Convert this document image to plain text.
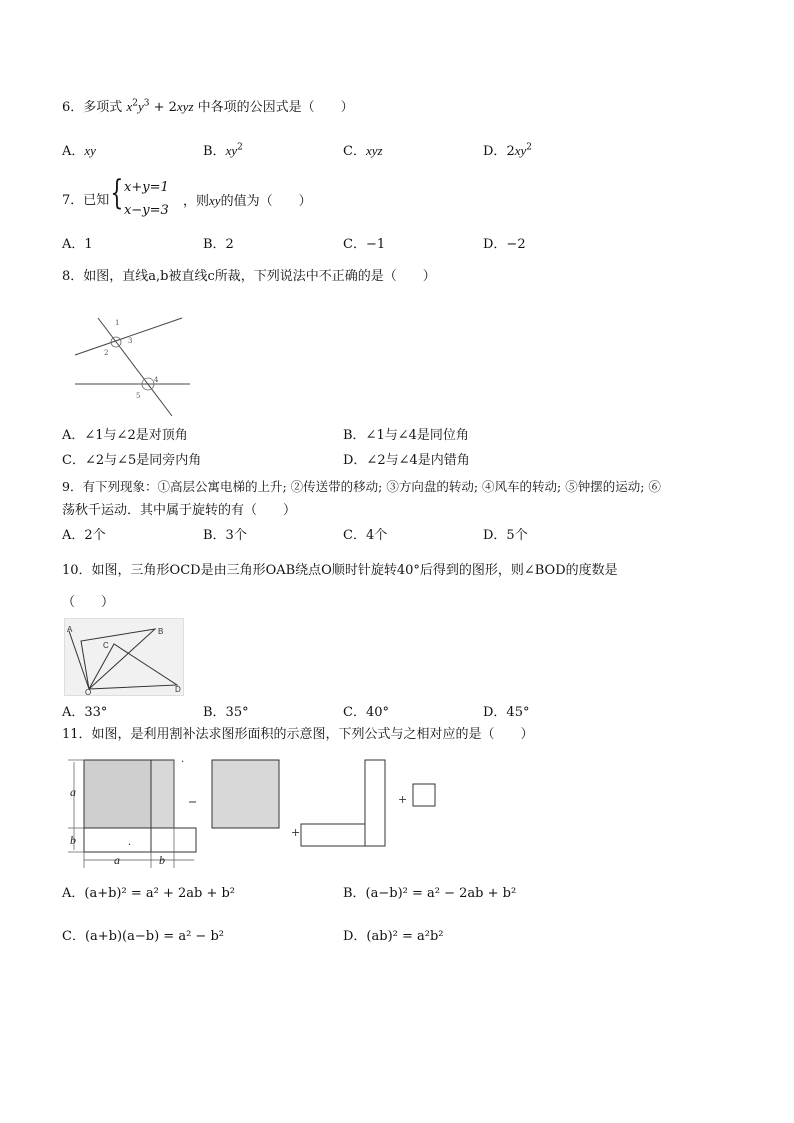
6．多项式 $x^2y^3 + 2xyz$ 中各项的公因式是（　　）
A．xy	B．$xy^2$	C．xyz	D．$2xy^2$
7．已知 { x+y=1
x−y=3
，则xy的值为（　　）
A．1	B．2	C．−1	D．−2
8．如图，直线a,b被直线c所裁，下列说法中不正确的是（　　）
1
2
3
4
5
A．∠1与∠2是对顶角	B．∠1与∠4是同位角
C．∠2与∠5是同旁内角	D．∠2与∠4是内错角
9．有下列现象：①高层公寓电梯的上升; ②传送带的移动; ③方向盘的转动; ④风车的转动; ⑤钟摆的运动; ⑥
荡秋千运动．其中属于旋转的有（　　）
A．2个	B．3个	C．4个	D．5个
10．如图，三角形OCD是由三角形OAB绕点O顺时针旋转40°后得到的图形，则∠BOD的度数是
（　　）
A	B
C
O	D
A．33°	B．35°	C．40°	D．45°
11．如图，是利用割补法求图形面积的示意图，下列公式与之相对应的是（　　）
a
b
a	b
·
·
+
+
A．(a+b)² = a² + 2ab + b²	B．(a−b)² = a² − 2ab + b²
C．(a+b)(a−b) = a² − b²	D．(ab)² = a²b²
